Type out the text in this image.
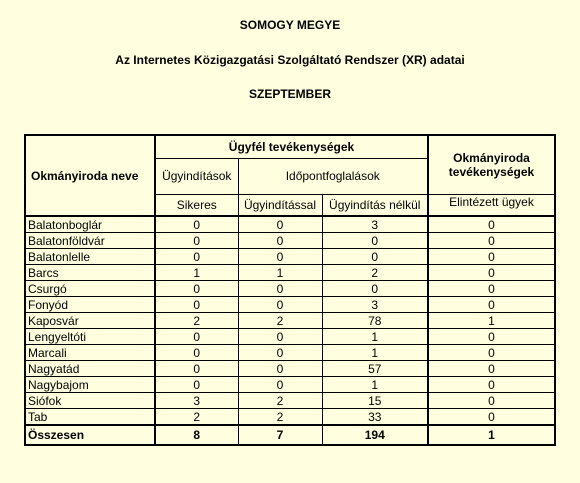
SOMOGY MEGYE
Az Internetes Közigazgatási Szolgáltató Rendszer (XR) adatai
SZEPTEMBER
Okmányiroda neve	Ügyfél tevékenységek			Okmányiroda tevékenységek
	Ügyindítások	Időpontfoglalások		
	Sikeres	Ügyindítással	Ügyindítás nélkül	Elintézett ügyek
Balatonboglár	0	0	3	0
Balatonföldvár	0	0	0	0
Balatonlelle	0	0	0	0
Barcs	1	1	2	0
Csurgó	0	0	0	0
Fonyód	0	0	3	0
Kaposvár	2	2	78	1
Lengyeltóti	0	0	1	0
Marcali	0	0	1	0
Nagyatád	0	0	57	0
Nagybajom	0	0	1	0
Siófok	3	2	15	0
Tab	2	2	33	0
Összesen	8	7	194	1
